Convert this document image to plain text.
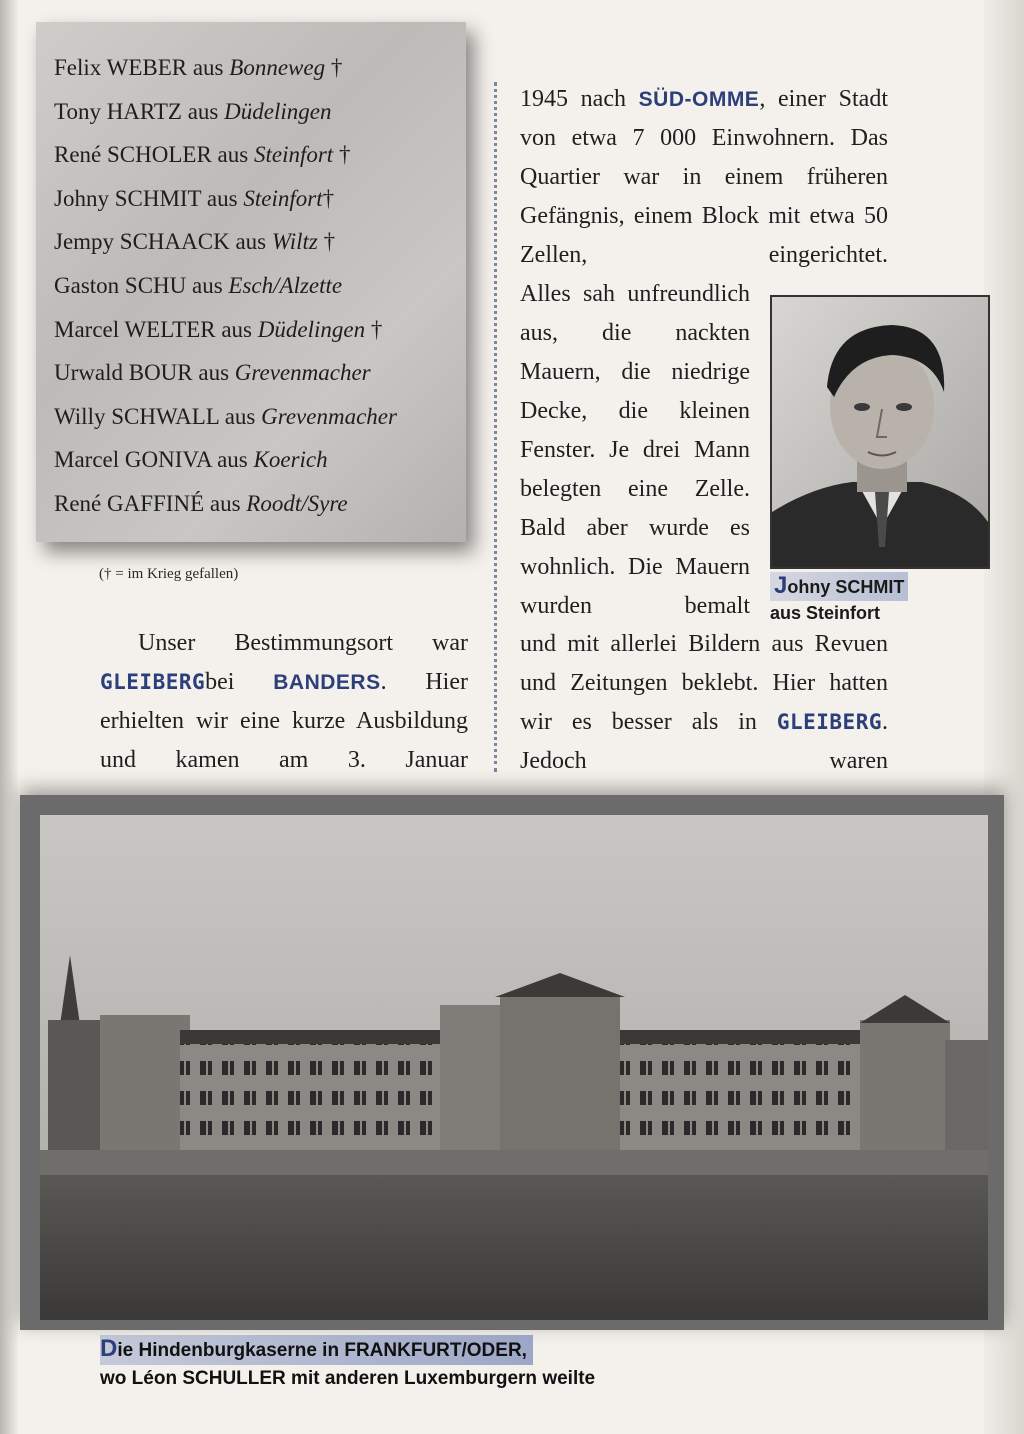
Felix WEBER aus Bonneweg †
Tony HARTZ aus Düdelingen
René SCHOLER aus Steinfort †
Johny SCHMIT aus Steinfort†
Jempy SCHAACK aus Wiltz †
Gaston SCHU aus Esch/Alzette
Marcel WELTER aus Düdelingen †
Urwald BOUR aus Grevenmacher
Willy SCHWALL aus Grevenmacher
Marcel GONIVA aus Koerich
René GAFFINÉ aus Roodt/Syre
(† = im Krieg gefallen)

Unser Bestimmungsort war GLEIBERGbei BANDERS. Hier erhielten wir eine kurze Ausbildung und kamen am 3. Januar

1945 nach SÜD-OMME, einer Stadt von etwa 7 000 Einwohnern. Das Quartier war in einem früheren Gefängnis, einem Block mit etwa 50 Zellen, eingerichtet.

Alles sah unfreundlich aus, die nackten Mauern, die niedrige Decke, die kleinen Fenster. Je drei Mann belegten eine Zelle. Bald aber wurde es wohnlich. Die Mauern wurden bemalt

und mit allerlei Bildern aus Revuen und Zeitungen beklebt. Hier hatten wir es besser als in GLEIBERG. Jedoch waren

Johny SCHMIT
aus Steinfort
Die Hindenburgkaserne in FRANKFURT/ODER,
wo Léon SCHULLER mit anderen Luxemburgern weilte
